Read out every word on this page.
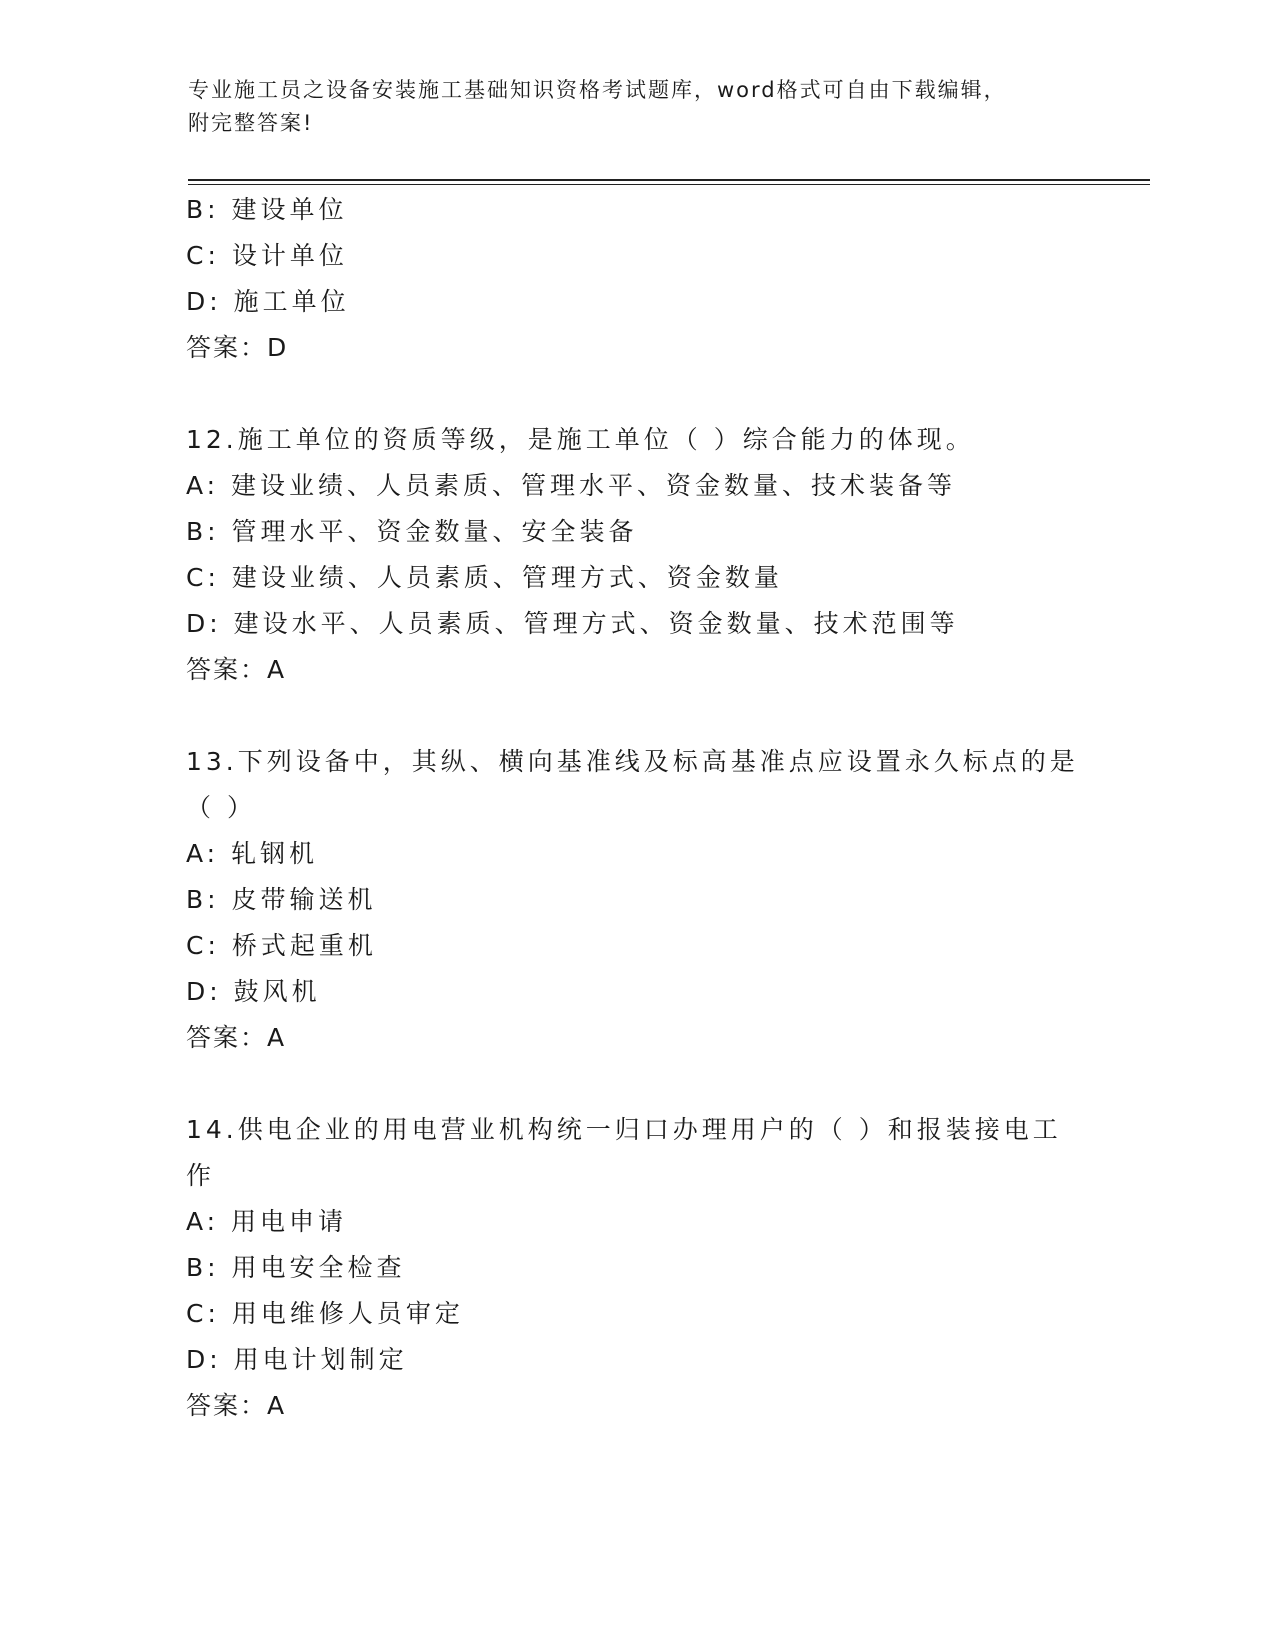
专业施工员之设备安装施工基础知识资格考试题库，word格式可自由下载编辑，
附完整答案!
B: 建设单位
C: 设计单位
D: 施工单位
答案：D
12.施工单位的资质等级，是施工单位（ ）综合能力的体现。
A: 建设业绩、人员素质、管理水平、资金数量、技术装备等
B: 管理水平、资金数量、安全装备
C: 建设业绩、人员素质、管理方式、资金数量
D: 建设水平、人员素质、管理方式、资金数量、技术范围等
答案：A
13.下列设备中，其纵、横向基准线及标高基准点应设置永久标点的是
（ ）
A: 轧钢机
B: 皮带输送机
C: 桥式起重机
D: 鼓风机
答案：A
14.供电企业的用电营业机构统一归口办理用户的（ ）和报装接电工
作
A: 用电申请
B: 用电安全检查
C: 用电维修人员审定
D: 用电计划制定
答案：A
